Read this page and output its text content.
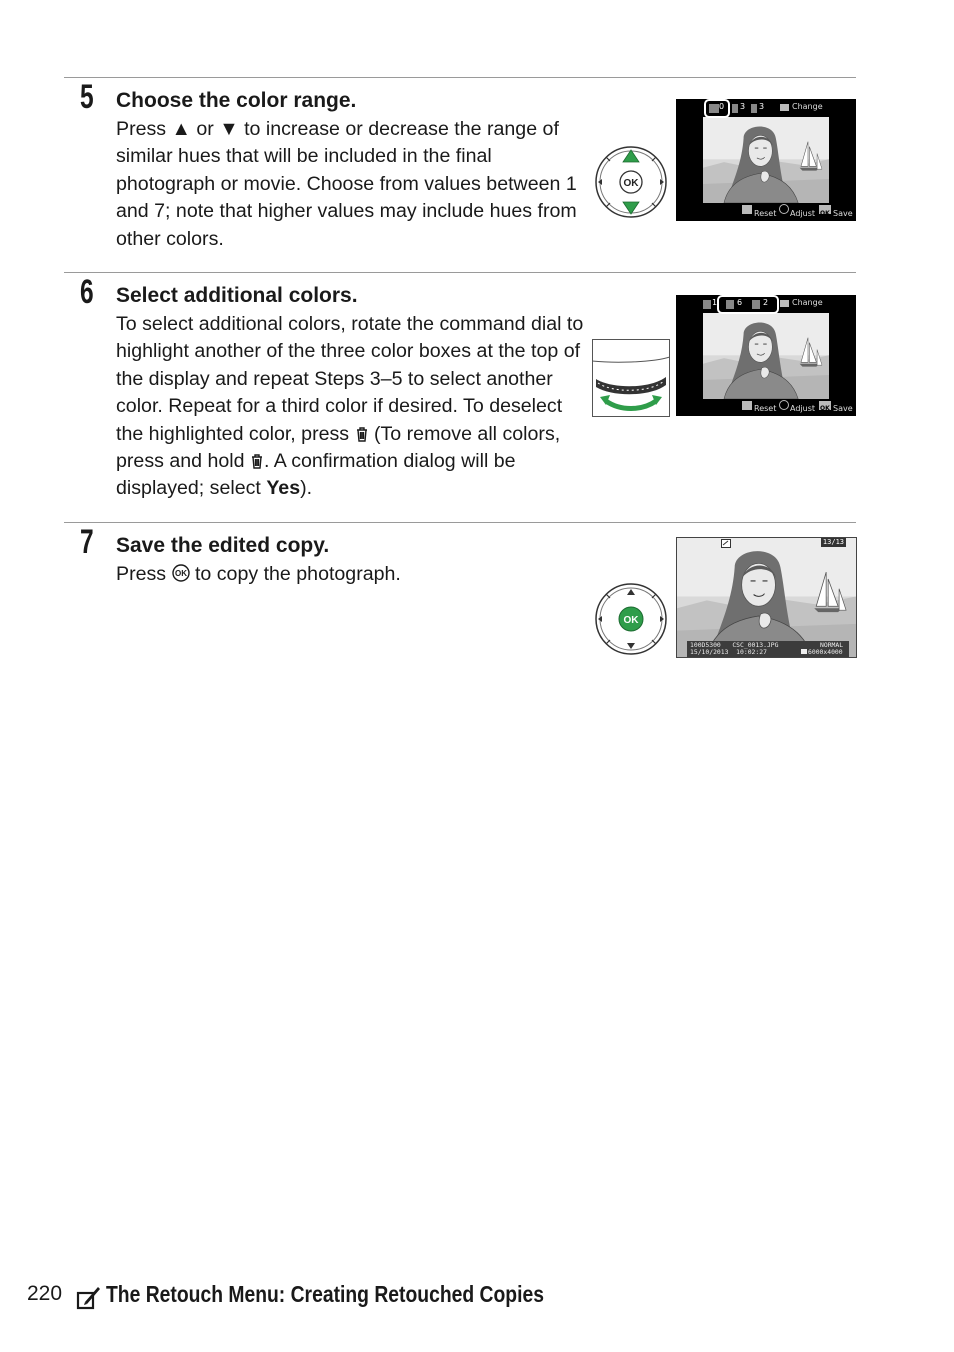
5 Choose the color range.

Press ▲ or ▼ to increase or decrease the range of similar hues that will be included in the final photograph or movie. Choose from values between 1 and 7; note that higher values may include hues from other colors.

OK
0 3 3	Change
Reset Adjust OK Save
6 Select additional colors.

To select additional colors, rotate the command dial to highlight another of the three color boxes at the top of the display and repeat Steps 3–5 to select another color. Repeat for a third color if desired. To deselect the highlighted color, press  (To remove all colors, press and hold . A confirmation dialog will be displayed; select Yes).

1 6	2	Change
Reset Adjust OK Save
7 Save the edited copy.

Press OK to copy the photograph.

OK
13/13
100D5300   CSC_0013.JPG
15/10/2013  10:02:27
NORMAL
6000x4000
220 The Retouch Menu: Creating Retouched Copies
